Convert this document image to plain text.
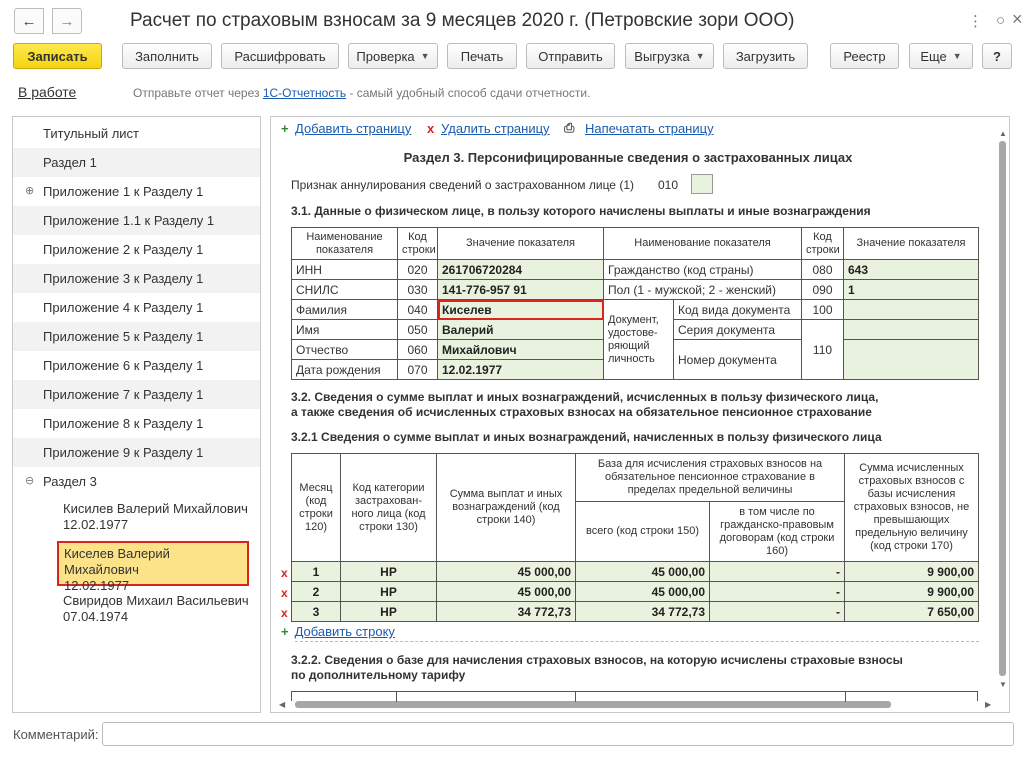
← →	Расчет по страховым взносам за 9 месяцев 2020 г. (Петровские зори ООО)	⋮ ○ ×
Записать	Заполнить	Расшифровать	Проверка ▼	Печать	Отправить	Выгрузка ▼	Загрузить	Реестр	Еще ▼	?
В работе	Отправьте отчет через 1С-Отчетность - самый удобный способ сдачи отчетности.
Титульный лист
Раздел 1
⊕ Приложение 1 к Разделу 1
Приложение 1.1 к Разделу 1
Приложение 2 к Разделу 1
Приложение 3 к Разделу 1
Приложение 4 к Разделу 1
Приложение 5 к Разделу 1
Приложение 6 к Разделу 1
Приложение 7 к Разделу 1
Приложение 8 к Разделу 1
Приложение 9 к Разделу 1
⊖ Раздел 3
Кисилев Валерий Михайлович
12.02.1977
Киселев Валерий Михайлович
12.02.1977
Свиридов Михаил Васильевич
07.04.1974
+ Добавить страницу x Удалить страницу ⎙ Напечатать страницу	▲
▼
◀	▶
Раздел 3. Персонифицированные сведения о застрахованных лицах
Признак аннулирования сведений о застрахованном лице (1) 010
3.1. Данные о физическом лице, в пользу которого начислены выплаты и иные вознаграждения
Наименование показателя	Код строки	Значение показателя	Наименование показателя		Код строки	Значение показателя
ИНН	020	261706720284	Гражданство (код страны)		080	643
СНИЛС	030	141-776-957 91	Пол (1 - мужской; 2 - женский)		090	1
Фамилия	040	Киселев	Документ, удостове-ряющий личность	Код вида документа	100	
Имя	050	Валерий		Серия документа	110	
Отчество	060	Михайлович		Номер документа		
Дата рождения	070	12.02.1977				
3.2. Сведения о сумме выплат и иных вознаграждений, исчисленных в пользу физического лица,
а также сведения об исчисленных страховых взносах на обязательное пенсионное страхование
3.2.1 Сведения о сумме выплат и иных вознаграждений, начисленных в пользу физического лица
Месяц (код строки 120)	Код категории застрахован-ного лица (код строки 130)	Сумма выплат и иных вознаграждений (код строки 140)	База для исчисления страховых взносов на обязательное пенсионное страхование в пределах предельной величины		Сумма исчисленных страховых взносов с базы исчисления страховых взносов, не превышающих предельную величину (код строки 170)
			всего (код строки 150)	в том числе по гражданско-правовым договорам (код строки 160)	
1	НР	45 000,00	45 000,00	-	9 900,00
2	НР	45 000,00	45 000,00	-	9 900,00
3	НР	34 772,73	34 772,73	-	7 650,00
x
x
x
+ Добавить строку
3.2.2. Сведения о базе для начисления страховых взносов, на которую исчислены страховые взносы
по дополнительному тарифу
Комментарий:
